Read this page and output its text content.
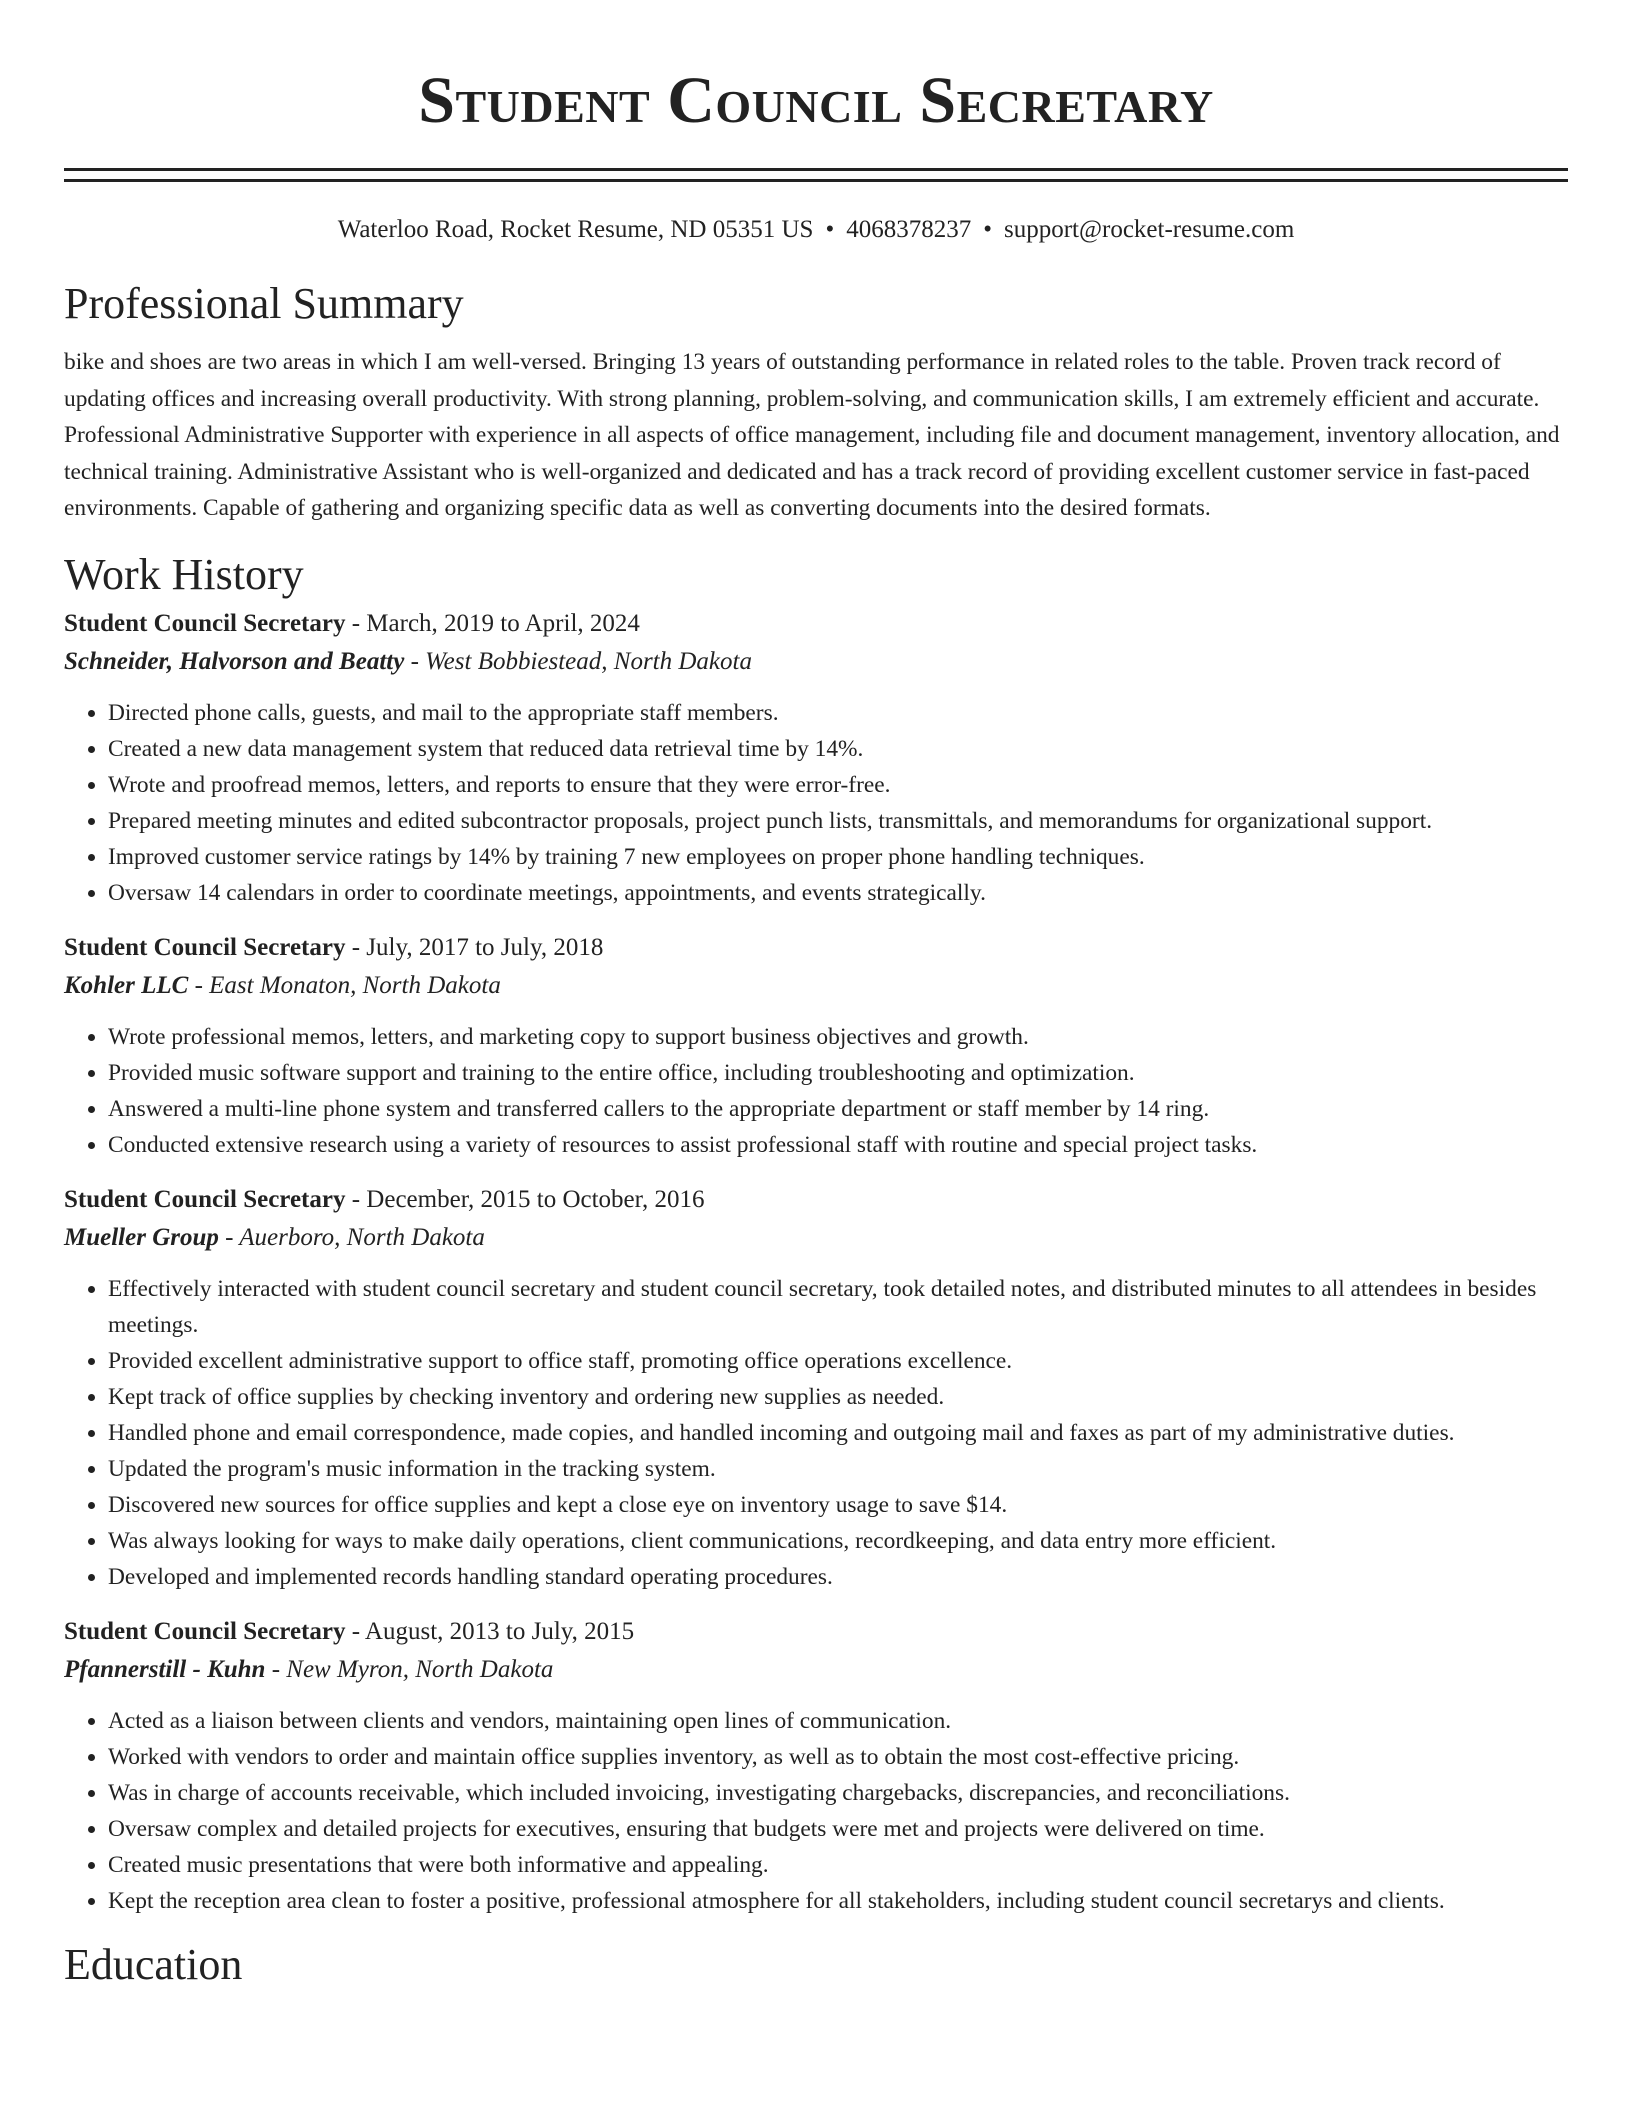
Student Council Secretary
Waterloo Road, Rocket Resume, ND 05351 US • 4068378237 • support@rocket-resume.com
Professional Summary

bike and shoes are two areas in which I am well-versed. Bringing 13 years of outstanding performance in related roles to the table. Proven track record of updating offices and increasing overall productivity. With strong planning, problem-solving, and communication skills, I am extremely efficient and accurate. Professional Administrative Supporter with experience in all aspects of office management, including file and document management, inventory allocation, and technical training. Administrative Assistant who is well-organized and dedicated and has a track record of providing excellent customer service in fast-paced environments. Capable of gathering and organizing specific data as well as converting documents into the desired formats.

Work History

Student Council Secretary - March, 2019 to April, 2024

Schneider, Halvorson and Beatty - West Bobbiestead, North Dakota

• Directed phone calls, guests, and mail to the appropriate staff members.
• Created a new data management system that reduced data retrieval time by 14%.
• Wrote and proofread memos, letters, and reports to ensure that they were error-free.
• Prepared meeting minutes and edited subcontractor proposals, project punch lists, transmittals, and memorandums for organizational support.
• Improved customer service ratings by 14% by training 7 new employees on proper phone handling techniques.
• Oversaw 14 calendars in order to coordinate meetings, appointments, and events strategically.

Student Council Secretary - July, 2017 to July, 2018

Kohler LLC - East Monaton, North Dakota

• Wrote professional memos, letters, and marketing copy to support business objectives and growth.
• Provided music software support and training to the entire office, including troubleshooting and optimization.
• Answered a multi-line phone system and transferred callers to the appropriate department or staff member by 14 ring.
• Conducted extensive research using a variety of resources to assist professional staff with routine and special project tasks.

Student Council Secretary - December, 2015 to October, 2016

Mueller Group - Auerboro, North Dakota

• Effectively interacted with student council secretary and student council secretary, took detailed notes, and distributed minutes to all attendees in besides meetings.
• Provided excellent administrative support to office staff, promoting office operations excellence.
• Kept track of office supplies by checking inventory and ordering new supplies as needed.
• Handled phone and email correspondence, made copies, and handled incoming and outgoing mail and faxes as part of my administrative duties.
• Updated the program's music information in the tracking system.
• Discovered new sources for office supplies and kept a close eye on inventory usage to save $14.
• Was always looking for ways to make daily operations, client communications, recordkeeping, and data entry more efficient.
• Developed and implemented records handling standard operating procedures.

Student Council Secretary - August, 2013 to July, 2015

Pfannerstill - Kuhn - New Myron, North Dakota

• Acted as a liaison between clients and vendors, maintaining open lines of communication.
• Worked with vendors to order and maintain office supplies inventory, as well as to obtain the most cost-effective pricing.
• Was in charge of accounts receivable, which included invoicing, investigating chargebacks, discrepancies, and reconciliations.
• Oversaw complex and detailed projects for executives, ensuring that budgets were met and projects were delivered on time.
• Created music presentations that were both informative and appealing.
• Kept the reception area clean to foster a positive, professional atmosphere for all stakeholders, including student council secretarys and clients.
Education
